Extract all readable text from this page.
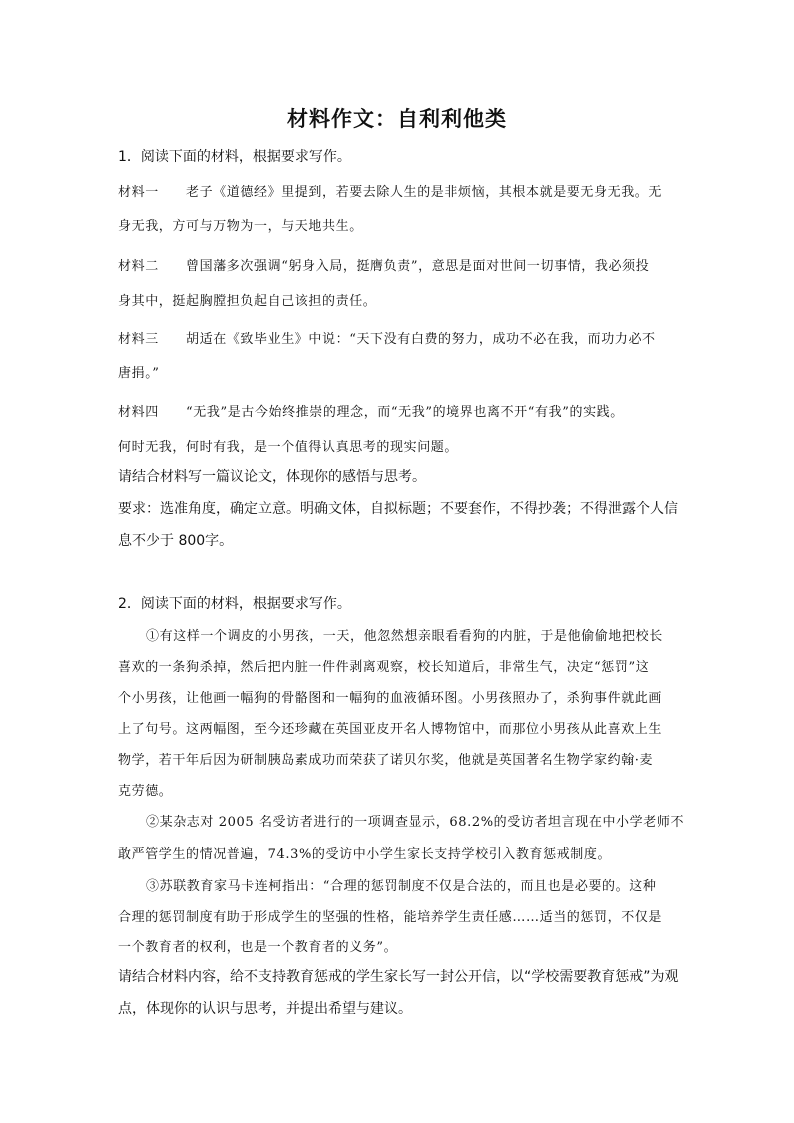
材料作文：自利利他类
1．阅读下面的材料，根据要求写作。
材料一　　老子《道德经》里提到，若要去除人生的是非烦恼，其根本就是要无身无我。无
身无我，方可与万物为一，与天地共生。
材料二　　曾国藩多次强调“躬身入局，挺膺负责”，意思是面对世间一切事情，我必须投
身其中，挺起胸膛担负起自己该担的责任。
材料三　　胡适在《致毕业生》中说：“天下没有白费的努力，成功不必在我，而功力必不
唐捐。”
材料四　　“无我”是古今始终推崇的理念，而“无我”的境界也离不开“有我”的实践。
何时无我，何时有我，是一个值得认真思考的现实问题。
请结合材料写一篇议论文，体现你的感悟与思考。
要求：选准角度，确定立意。明确文体，自拟标题；不要套作，不得抄袭；不得泄露个人信
息不少于 800字。
2．阅读下面的材料，根据要求写作。
①有这样一个调皮的小男孩，一天，他忽然想亲眼看看狗的内脏，于是他偷偷地把校长
喜欢的一条狗杀掉，然后把内脏一件件剥离观察，校长知道后，非常生气，决定“惩罚”这
个小男孩，让他画一幅狗的骨骼图和一幅狗的血液循环图。小男孩照办了，杀狗事件就此画
上了句号。这两幅图，至今还珍藏在英国亚皮开名人博物馆中，而那位小男孩从此喜欢上生
物学，若干年后因为研制胰岛素成功而荣获了诺贝尔奖，他就是英国著名生物学家约翰·麦
克劳德。
②某杂志对 2005 名受访者进行的一项调查显示，68.2%的受访者坦言现在中小学老师不
敢严管学生的情况普遍，74.3%的受访中小学生家长支持学校引入教育惩戒制度。
③苏联教育家马卡连柯指出：“合理的惩罚制度不仅是合法的，而且也是必要的。这种
合理的惩罚制度有助于形成学生的坚强的性格，能培养学生责任感……适当的惩罚，不仅是
一个教育者的权利，也是一个教育者的义务”。
请结合材料内容，给不支持教育惩戒的学生家长写一封公开信，以“学校需要教育惩戒”为观
点，体现你的认识与思考，并提出希望与建议。
